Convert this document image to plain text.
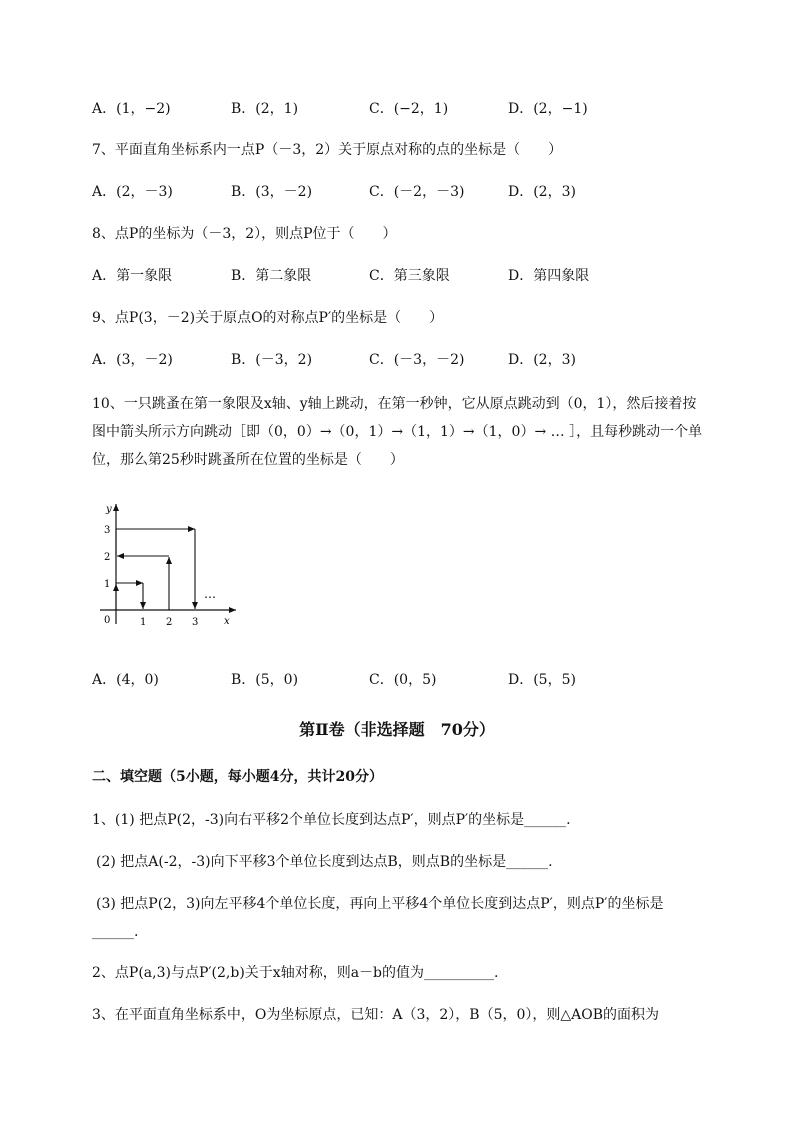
A．(1，−2)	B．(2，1)	C．(−2，1)	D．(2，−1)
7、平面直角坐标系内一点P（－3，2）关于原点对称的点的坐标是（　　）
A．(2，－3)	B．(3，－2)	C．(－2，－3)	D．(2，3)
8、点P的坐标为（－3，2），则点P位于（　　）
A．第一象限	B．第二象限	C．第三象限	D．第四象限
9、点P(3，－2)关于原点O的对称点P′的坐标是（　　）
A．(3，－2)	B．(－3，2)	C．(－3，－2)	D．(2，3)
10、一只跳蚤在第一象限及x轴、y轴上跳动，在第一秒钟，它从原点跳动到（0，1），然后接着按
图中箭头所示方向跳动［即（0，0）→（0，1）→（1，1）→（1，0）→ … ］，且每秒跳动一个单
位，那么第25秒时跳蚤所在位置的坐标是（　　）
y
3
2
1
0	1 2 3	x
…
A．(4，0)	B．(5，0)	C．(0，5)	D．(5，5)
第Ⅱ卷（非选择题　70分）
二、填空题（5小题，每小题4分，共计20分）
1、(1) 把点P(2，-3)向右平移2个单位长度到达点P′，则点P′的坐标是______.
(2) 把点A(-2，-3)向下平移3个单位长度到达点B，则点B的坐标是______.
(3) 把点P(2，3)向左平移4个单位长度，再向上平移4个单位长度到达点P′，则点P′的坐标是
______.
2、点P(a,3)与点P′(2,b)关于x轴对称，则a－b的值为__________.
3、在平面直角坐标系中，O为坐标原点，已知：A（3，2），B（5，0），则△AOB的面积为
